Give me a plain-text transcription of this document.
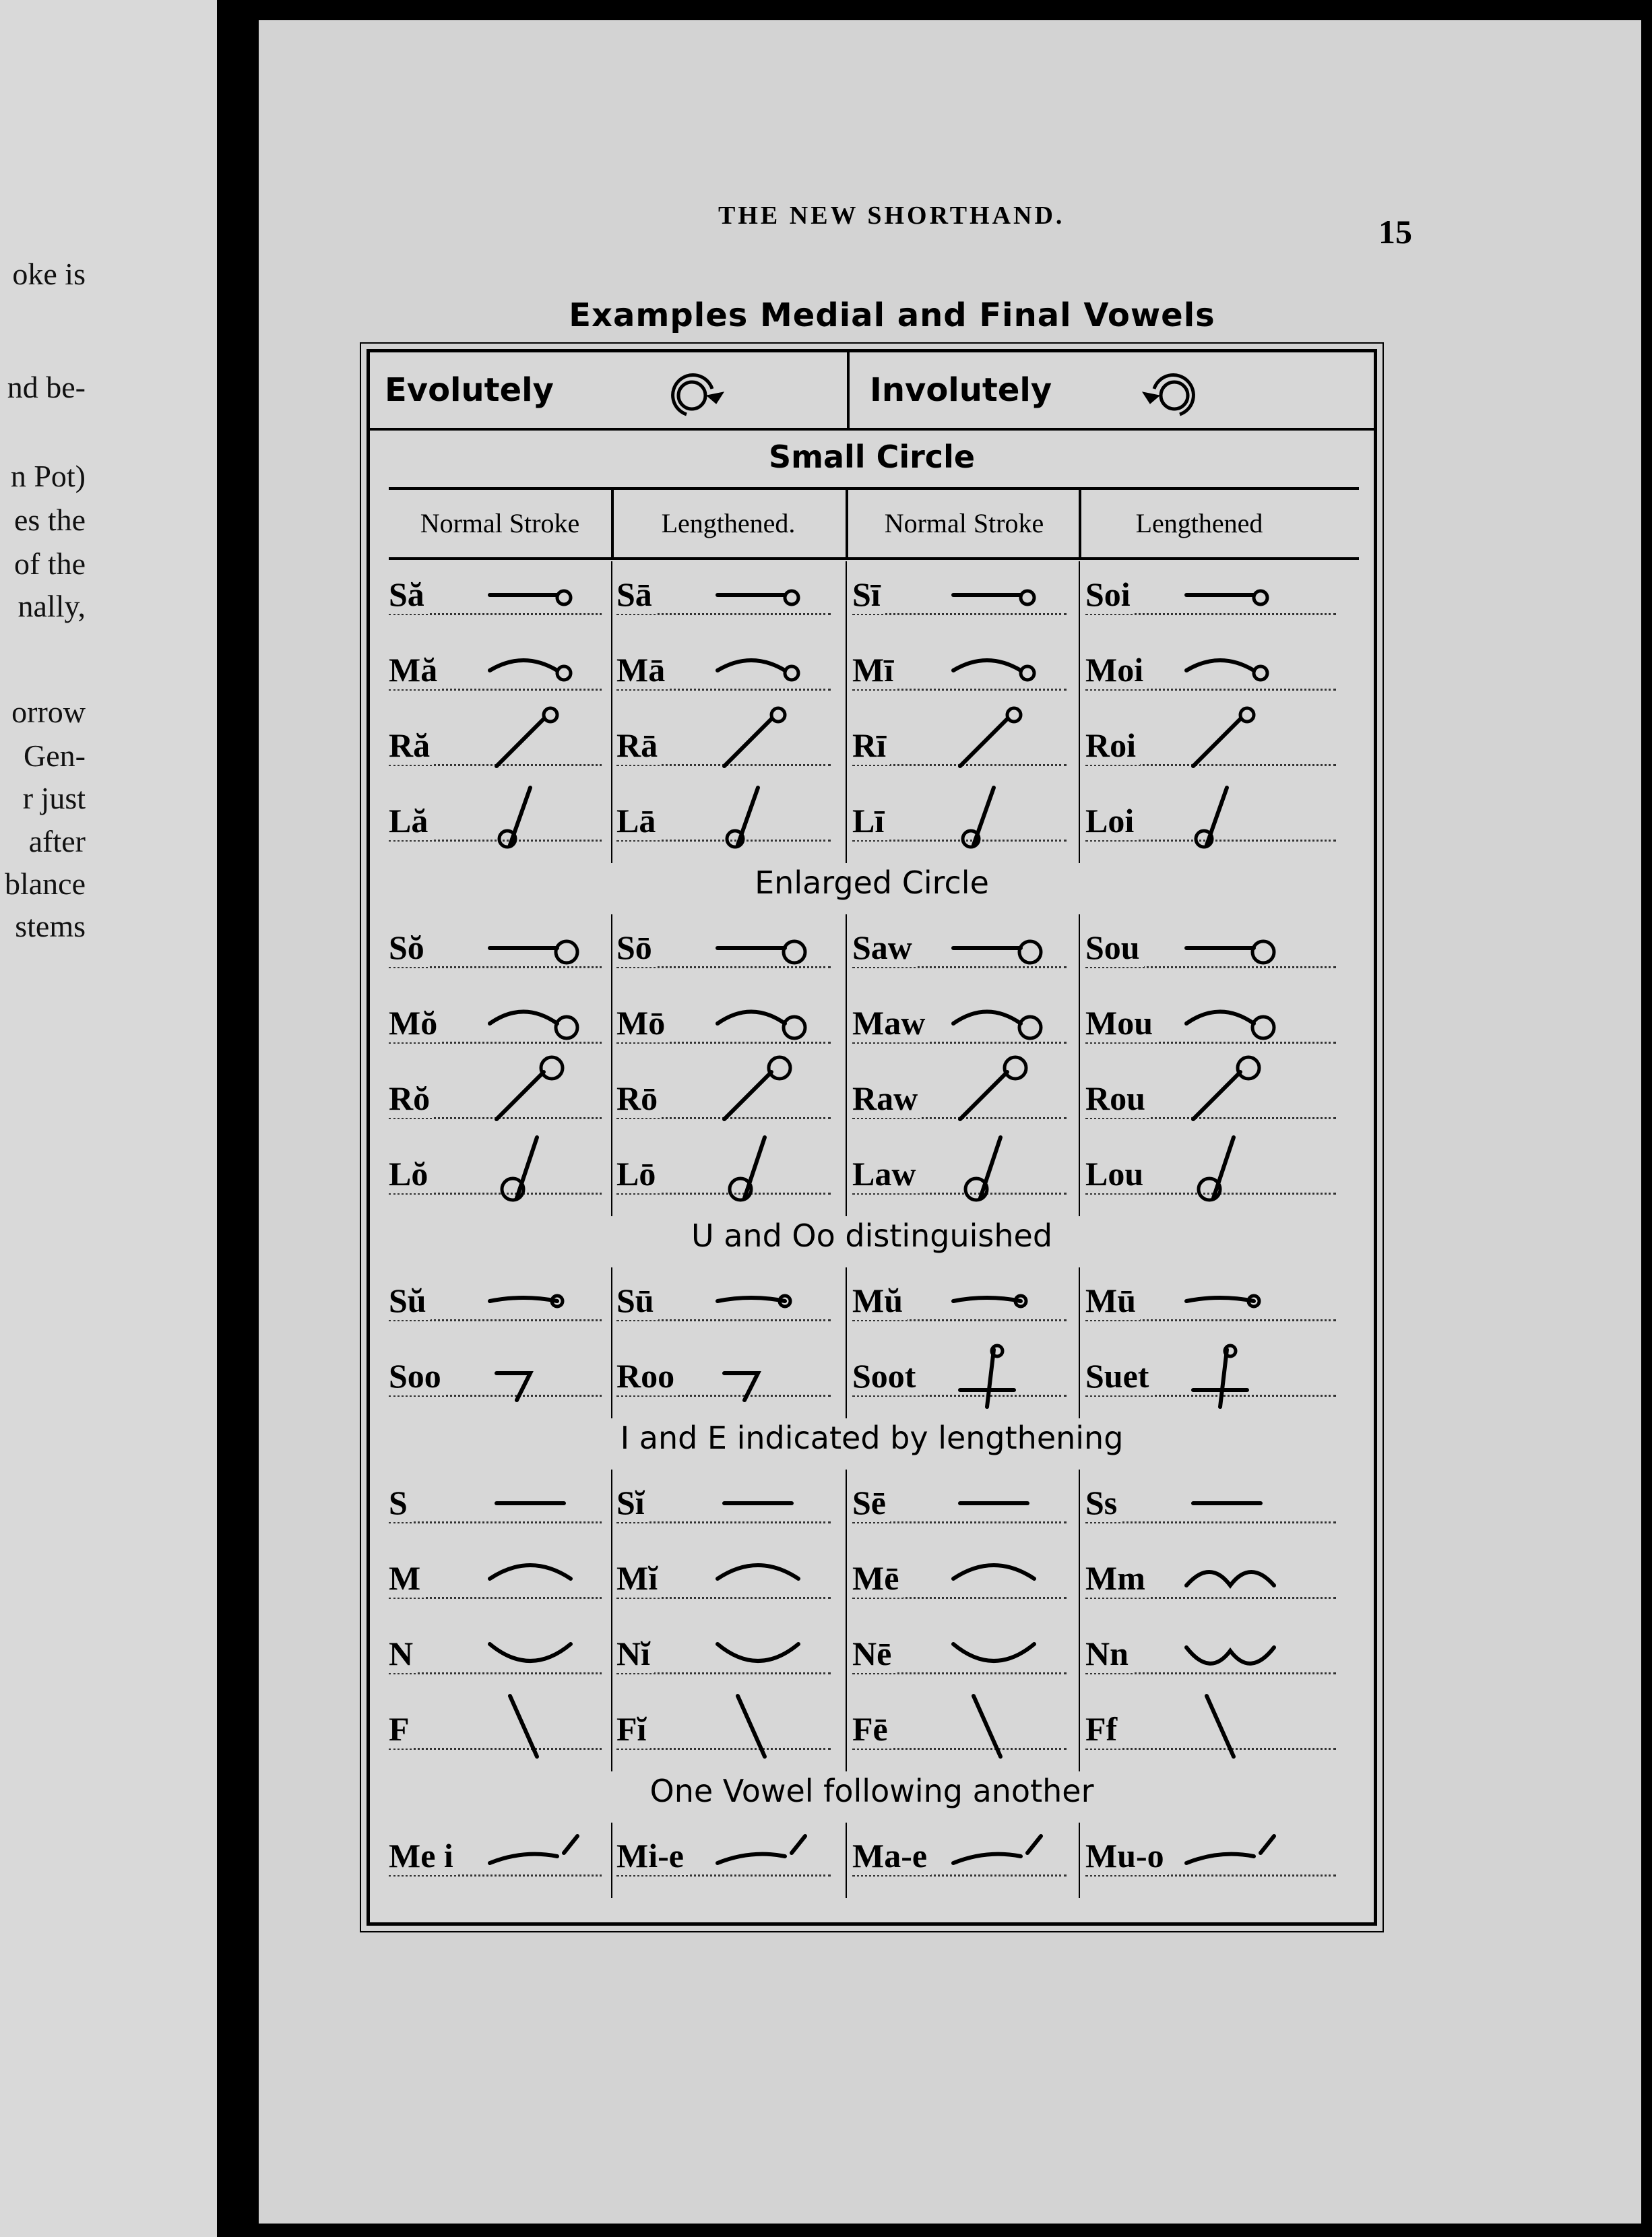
oke is
nd be-
n Pot)
es the
of the
nally,
orrow
Gen-
r just
after
blance
stems
THE NEW SHORTHAND.	15
Examples Medial and Final Vowels
Evolutely	Involutely
Small Circle
Normal Stroke	Lengthened.	Normal Stroke	Lengthened
Să	Sā	Sī	Soi
Mă	Mā	Mī	Moi
Ră	Rā	Rī	Roi
Lă	Lā	Lī	Loi
Enlarged Circle
Sŏ	Sō	Saw	Sou
Mŏ	Mō	Maw	Mou
Rŏ	Rō	Raw	Rou
Lŏ	Lō	Law	Lou
U and Oo distinguished
Sŭ	Sū	Mŭ	Mū
Soo	Roo	Soot	Suet
I and E indicated by lengthening
S	Sĭ	Sē	Ss
M	Mĭ	Mē	Mm
N	Nĭ	Nē	Nn
F	Fĭ	Fē	Ff
One Vowel following another
Me i	Mi-e	Ma-e	Mu-o
